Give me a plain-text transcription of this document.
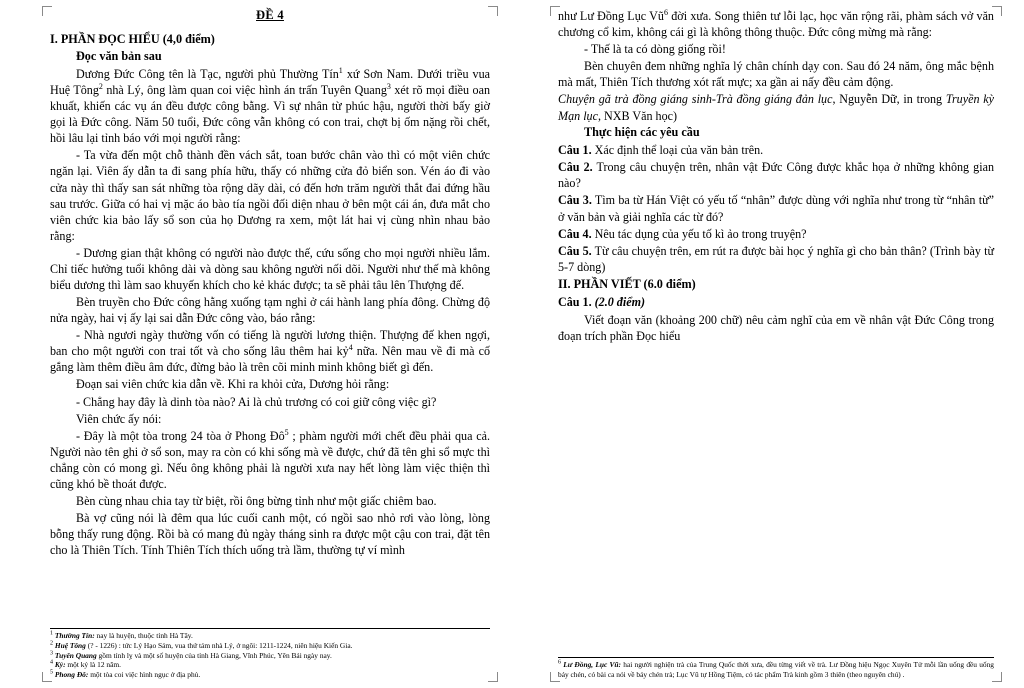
ĐỀ 4
I. PHẦN ĐỌC HIỂU (4,0 điểm)
Đọc văn bản sau

Dương Đức Công tên là Tạc, người phủ Thường Tín$^1$ xứ Sơn Nam. Dưới triều vua Huệ Tông$^2$ nhà Lý, ông làm quan coi việc hình án trấn Tuyên Quang$^3$ xét rõ mọi điều oan khuất, khiến các vụ án đều được công bằng. Vì sự nhân từ phúc hậu, người thời bấy giờ gọi là Đức công. Năm 50 tuổi, Đức công vẫn không có con trai, chợt bị ốm nặng rồi chết, hồi lâu lại tỉnh báo với mọi người rằng:

- Ta vừa đến một chỗ thành đền vách sắt, toan bước chân vào thì có một viên chức ngăn lại. Viên ấy dẫn ta đi sang phía hữu, thấy có những cửa đỏ biển son. Vén áo đi vào cửa này thì thấy san sát những tòa rộng dãy dài, có đến hơn trăm người thắt đai đứng hầu sau trước. Giữa có hai vị mặc áo bào tía ngồi đối diện nhau ở bên một cái án, đưa mắt cho viên chức kia bảo lấy sổ son của họ Dương ra xem, một lát hai vị cùng nhìn nhau bảo rằng:

- Dương gian thật không có người nào được thế, cứu sống cho mọi người nhiều lắm. Chỉ tiếc hưởng tuổi không dài và dòng sau không người nối dõi. Người như thế mà không biểu dương thì làm sao khuyến khích cho kẻ khác được; ta sẽ phải tâu lên Thượng đế.

Bèn truyền cho Đức công hằng xuống tạm nghỉ ở cái hành lang phía đông. Chừng độ nửa ngày, hai vị ấy lại sai dẫn Đức công vào, báo rằng:

- Nhà ngươi ngày thường vốn có tiếng là người lương thiện. Thượng đế khen ngợi, ban cho một người con trai tốt và cho sống lâu thêm hai kỷ$^4$ nữa. Nên mau về đi mà cố gắng làm thêm điều âm đức, đừng bảo là trên cõi minh minh không biết gì đến.

Đoạn sai viên chức kia dẫn về. Khi ra khỏi cửa, Dương hỏi rằng:

- Chẳng hay đây là dinh tòa nào? Ai là chủ trương có coi giữ công việc gì?

Viên chức ấy nói:

- Đây là một tòa trong 24 tòa ở Phong $Đô^5$ ; phàm người mới chết đều phải qua cả. Người nào tên ghi ở sổ son, may ra còn có khi sống mà về được, chứ đã tên ghi sổ mực thì chẳng còn có mong gì. Nếu ông không phải là người xưa nay hết lòng làm việc thiện thì cũng khó bề thoát được.

Bèn cùng nhau chia tay từ biệt, rồi ông bừng tỉnh như một giấc chiêm bao.

Bà vợ cũng nói là đêm qua lúc cuối canh một, có ngồi sao nhỏ rơi vào lòng, lòng bỗng thấy rung động. Rồi bà có mang đủ ngày tháng sinh ra được một cậu con trai, đặt tên cho là Thiên Tích. Tính Thiên Tích thích uống trà lầm, thường tự ví mình

$^1$ Thường Tín: nay là huyện, thuộc tỉnh Hà Tây.

$^2$ Huệ Tông (? - 1226) : tức Lý Hạo Sảm, vua thứ tám nhà Lý, ở ngôi: 1211-1224, niên hiệu Kiến Gia.

$^3$ Tuyên Quang gồm tỉnh lỵ và một số huyện của tỉnh Hà Giang, Vĩnh Phúc, Yên Bái ngày nay.

$^4$ Kỷ: một kỷ là 12 năm.

$^5$ Phong Đô: một tòa coi việc hình ngục ở địa phủ.

như Lư Đồng Lục $Vũ^6$ đời xưa. Song thiên tư lỗi lạc, học văn rộng rãi, phàm sách vở văn chương cổ kim, không cái gì là không thông thuộc. Đức công mừng mà rằng:

- Thế là ta có dòng giống rồi!

Bèn chuyên đem những nghĩa lý chân chính dạy con. Sau đó 24 năm, ông mắc bệnh mà mất, Thiên Tích thương xót rất mực; xa gần ai nấy đều cảm động.

Chuyện gã trà đồng giáng sinh-Trà đồng giáng đản lục, Nguyễn Dữ, in trong Truyền kỳ Mạn lục, NXB Văn học)

Thực hiện các yêu cầu

Câu 1. Xác định thể loại của văn bản trên.

Câu 2. Trong câu chuyện trên, nhân vật Đức Công được khắc họa ở những không gian nào?

Câu 3. Tìm ba từ Hán Việt có yếu tố “nhân” được dùng với nghĩa như trong từ “nhân từ” ở văn bản và giải nghĩa các từ đó?

Câu 4. Nêu tác dụng của yếu tố kì ảo trong truyện?

Câu 5. Từ câu chuyện trên, em rút ra được bài học ý nghĩa gì cho bản thân? (Trình bày từ 5-7 dòng)

II. PHẦN VIẾT (6.0 điểm)

Câu 1. (2.0 điểm)

Viết đoạn văn (khoảng 200 chữ) nêu cảm nghĩ của em về nhân vật Đức Công trong đoạn trích phần Đọc hiểu

$^6$ Lư Đồng, Lục Vũ: hai người nghiện trà của Trung Quốc thời xưa, đều từng viết về trà. Lư Đồng hiệu Ngọc Xuyên Tử mỗi lần uống đều uống bảy chén, có bài ca nói về bảy chén trà; Lục Vũ tự Hồng Tiệm, có tác phẩm Trà kinh gồm 3 thiên (theo nguyên chú) .
